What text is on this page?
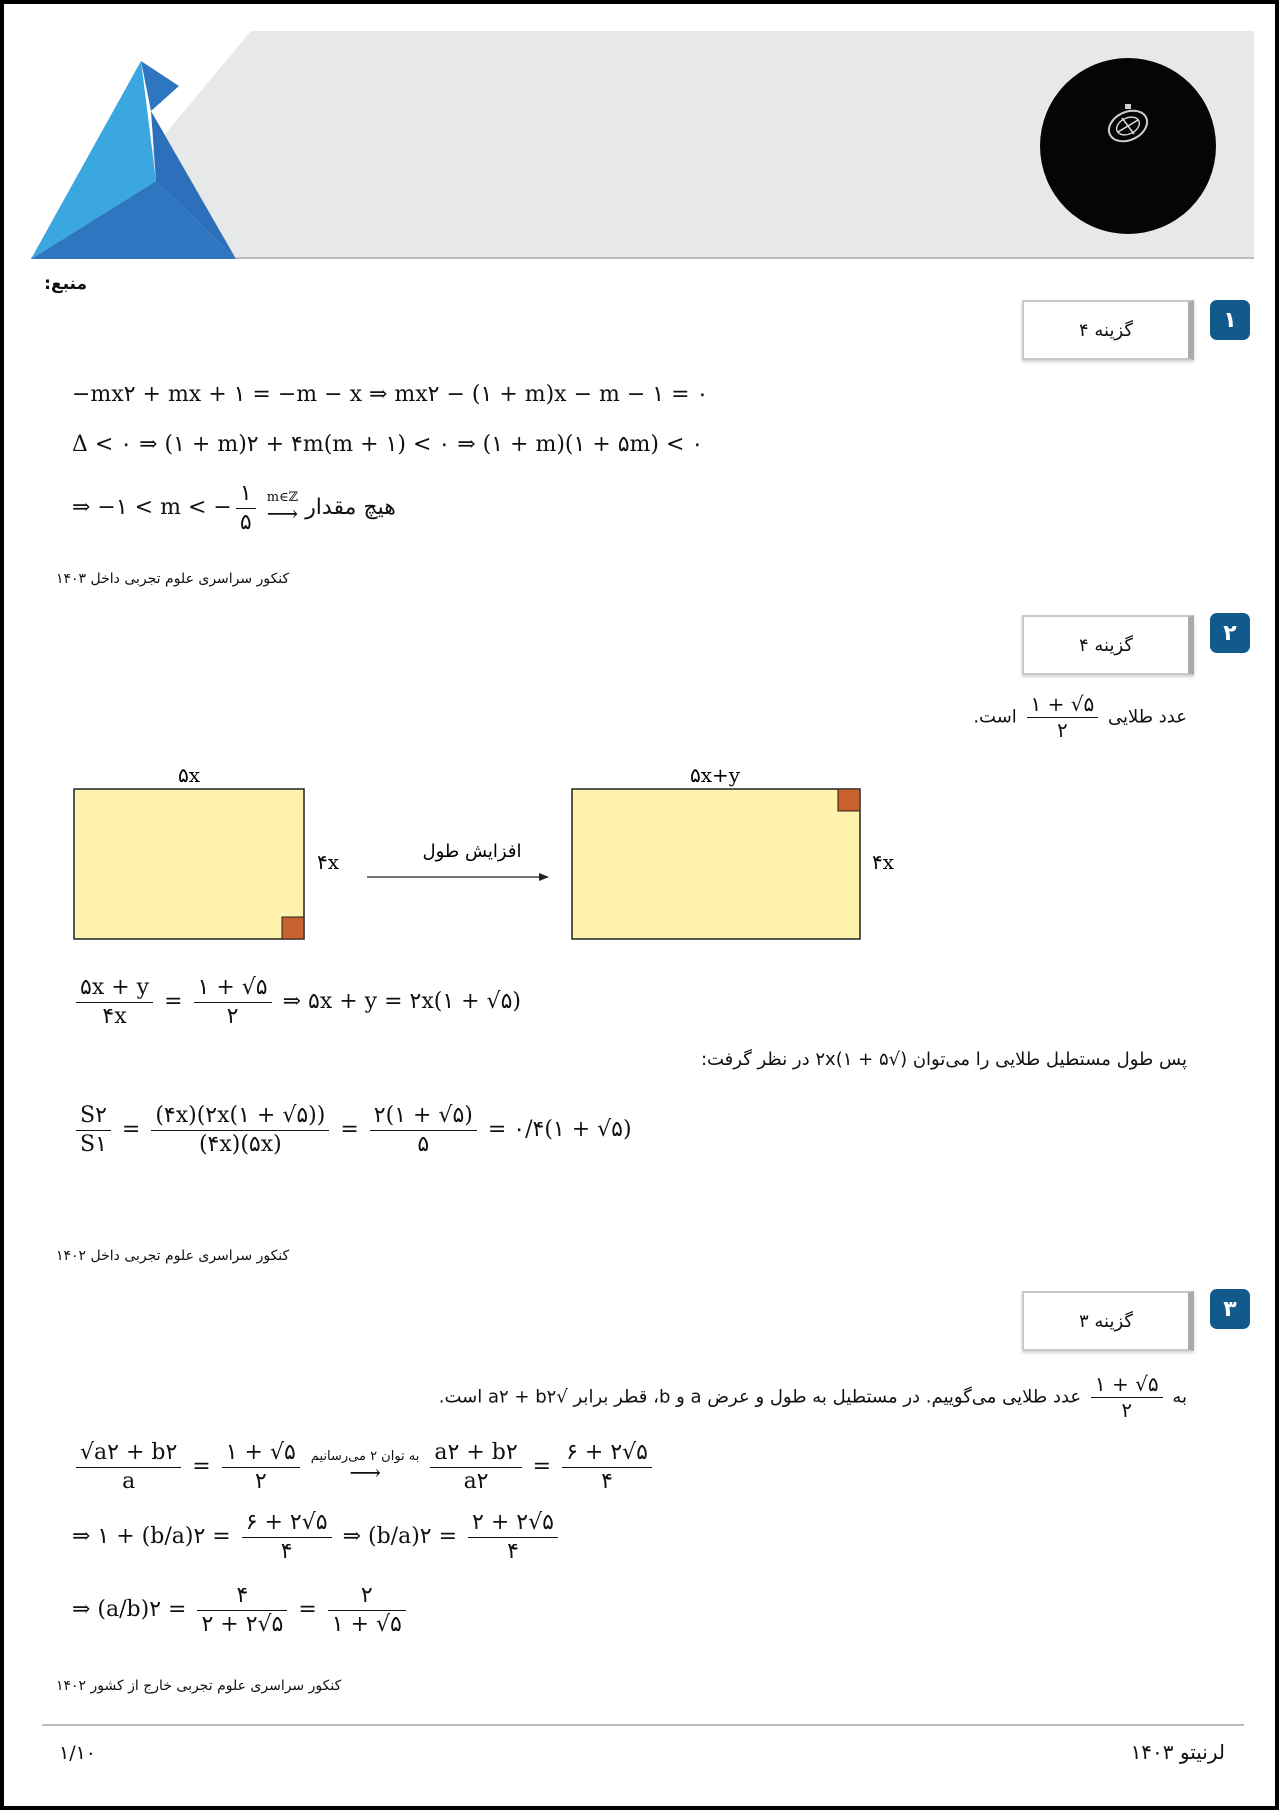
منبع:
۱
گزینه ۴
−mx۲ + mx + ۱ = −m − x ⇒ mx۲ − (۱ + m)x − m − ۱ = ۰
Δ < ۰ ⇒ (۱ + m)۲ + ۴m(m + ۱) < ۰ ⇒ (۱ + m)(۱ + ۵m) < ۰
⇒ −۱ < m < − $\frac{۱}{۵}$
m∈ℤ
⟶ هیچ مقدار
کنکور سراسری علوم تجربی داخل ۱۴۰۳
۲
گزینه ۴
عدد طلایی
$\frac{۱ + √۵}{۲}$
است.
۵x
۴x	افزایش طول
۵x+y
۴x
$\frac{۵x + y}{۴x} = \frac{۱ + √۵}{۲}$ ⇒ ۵x + y = ۲x(۱ + √۵)
پس طول مستطیل طلایی را می‌توان (√۵ + ۱)۲x در نظر گرفت:
$\frac{S۲}{S۱} = \frac{(۴x)(۲x(۱ + √۵))}{(۴x)(۵x)} = \frac{۲(۱ + √۵)}{۵}$ = ۰/۴(۱ + √۵)
کنکور سراسری علوم تجربی داخل ۱۴۰۲
۳
گزینه ۳
به
$\frac{۱ + √۵}{۲}$
عدد طلایی می‌گوییم. در مستطیل به طول و عرض a و b، قطر برابر √a۲ + b۲ است.
$\frac{√a۲ + b۲}{a} = \frac{۱ + √۵}{۲}$
به توان ۲ می‌رسانیم
⟶
	$\frac{a۲ + b۲}{a۲} = \frac{۶ + ۲√۵}{۴}$
⇒ ۱ + (b/a)۲ = $\frac{۶ + ۲√۵}{۴}$ ⇒ (b/a)۲ = $\frac{۲ + ۲√۵}{۴}$
⇒ (a/b)۲ = $\frac{۴}{۲ + ۲√۵} = \frac{۲}{۱ + √۵}$
کنکور سراسری علوم تجربی خارج از کشور ۱۴۰۲
۱/۱۰	لرنیتو ۱۴۰۳
